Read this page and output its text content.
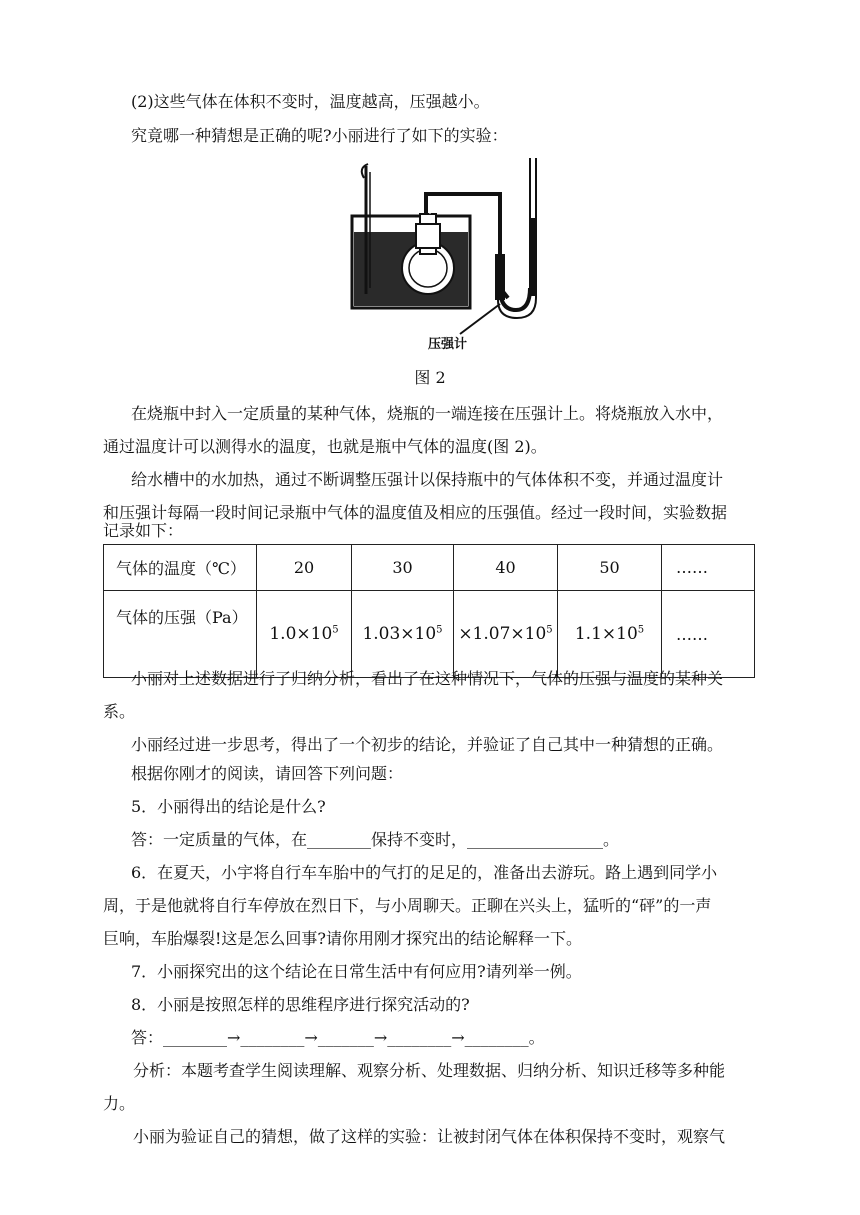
(2)这些气体在体积不变时，温度越高，压强越小。
究竟哪一种猜想是正确的呢?小丽进行了如下的实验：
压强计
图 2
在烧瓶中封入一定质量的某种气体，烧瓶的一端连接在压强计上。将烧瓶放入水中，
通过温度计可以测得水的温度，也就是瓶中气体的温度(图 2)。
给水槽中的水加热，通过不断调整压强计以保持瓶中的气体体积不变，并通过温度计
和压强计每隔一段时间记录瓶中气体的温度值及相应的压强值。经过一段时间，实验数据
记录如下：
气体的温度（℃）	20	30	40	50	……
气体的压强（Pa）	$1.0\times 10^5$	$1.03\times 10^5$	$\times 1.07\times 10^5$	$1.1\times 10^5$	……
小丽对上述数据进行了归纳分析，看出了在这种情况下，气体的压强与温度的某种关
系。
小丽经过进一步思考，得出了一个初步的结论，并验证了自己其中一种猜想的正确。
根据你刚才的阅读，请回答下列问题：
5．小丽得出的结论是什么?
答：一定质量的气体，在________保持不变时，_________________。
6．在夏天，小宇将自行车车胎中的气打的足足的，准备出去游玩。路上遇到同学小
周，于是他就将自行车停放在烈日下，与小周聊天。正聊在兴头上，猛听的“砰”的一声
巨响，车胎爆裂!这是怎么回事?请你用刚才探究出的结论解释一下。
7．小丽探究出的这个结论在日常生活中有何应用?请列举一例。
8．小丽是按照怎样的思维程序进行探究活动的?
答：________→________→_______→________→________。
分析：本题考查学生阅读理解、观察分析、处理数据、归纳分析、知识迁移等多种能
力。
小丽为验证自己的猜想，做了这样的实验：让被封闭气体在体积保持不变时，观察气
